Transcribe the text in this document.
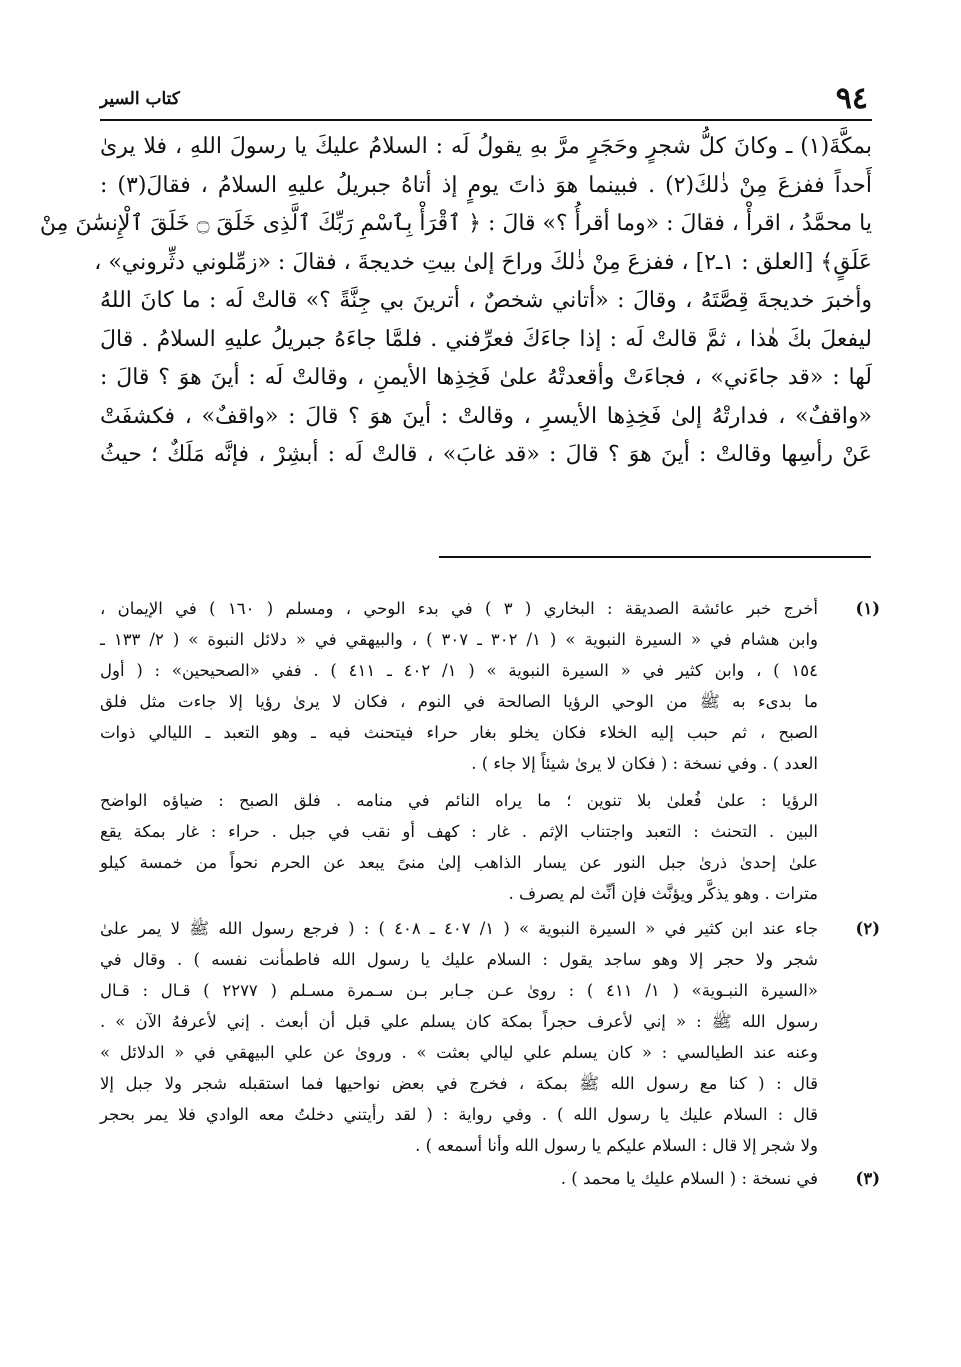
٩٤
كتاب السير
بمكَّةَ(١) ـ وكانَ كلُّ شجرٍ وحَجَرٍ مرَّ بهِ يقولُ لَه : السلامُ عليكَ يا رسولَ اللهِ ، فلا يرىٰ
أَحداً ففزعَ مِنْ ذٰلكَ(٢) . فبينما هوَ ذاتَ يومٍ إذ أتاهُ جبريلُ عليهِ السلامُ ، فقالَ(٣) :
يا محمَّدُ ، اقرأْ ، فقالَ : «وما أقرأُ ؟» قالَ : ﴿ ٱقْرَأْ بِٱسْمِ رَبِّكَ ٱلَّذِى خَلَقَ ۝ خَلَقَ ٱلْإِنسَٰنَ مِنْ
عَلَقٍ﴾ [العلق : ١ـ٢] ، ففزعَ مِنْ ذٰلكَ وراحَ إلىٰ بيتِ خديجةَ ، فقالَ : «زمِّلوني دثِّروني» ،
وأخبرَ خديجةَ قِصَّتَهُ ، وقالَ : «أتاني شخصٌ ، أترينَ بي جِنَّةً ؟» قالتْ لَه : ما كانَ اللهُ
ليفعلَ بكَ هٰذا ، ثمَّ قالتْ لَه : إذا جاءَكَ فعرِّفني . فلمَّا جاءَهُ جبريلُ عليهِ السلامُ . قالَ
لَها : «قد جاءَني» ، فجاءَتْ وأقعدتْهُ علىٰ فَخِذِها الأيمنِ ، وقالتْ لَه : أينَ هوَ ؟ قالَ :
«واقفٌ» ، فدارتْهُ إلىٰ فَخِذِها الأيسرِ ، وقالتْ : أينَ هوَ ؟ قالَ : «واقفٌ» ، فكشفَتْ
عَنْ رأسِها وقالتْ : أينَ هوَ ؟ قالَ : «قد غابَ» ، قالتْ لَه : أبشِرْ ، فإنَّه مَلَكٌ ؛ حيثُ
(١)
أخرج خبر عائشة الصديقة : البخاري ( ٣ ) في بدء الوحي ، ومسلم ( ١٦٠ ) في الإيمان ،
وابن هشام في « السيرة النبوية » ( ١/ ٣٠٢ ـ ٣٠٧ ) ، والبيهقي في « دلائل النبوة » ( ٢/ ١٣٣ ـ
١٥٤ ) ، وابن كثير في « السيرة النبوية » ( ١/ ٤٠٢ ـ ٤١١ ) . ففي «الصحيحين» : ( أول
ما بدىء به ﷺ من الوحي الرؤيا الصالحة في النوم ، فكان لا يرىٰ رؤيا إلا جاءت مثل فلق
الصبح ، ثم حبب إليه الخلاء فكان يخلو بغار حراء فيتحنث فيه ـ وهو التعبد ـ الليالي ذوات
العدد ) . وفي نسخة : ( فكان لا يرىٰ شيئاً إلا جاء ) .
الرؤيا : علىٰ فُعلىٰ بلا تنوين ؛ ما يراه النائم في منامه . فلق الصبح : ضياؤه الواضح
البين . التحنث : التعبد واجتناب الإثم . غار : كهف أو نقب في جبل . حراء : غار بمكة يقع
علىٰ إحدىٰ ذرىٰ جبل النور عن يسار الذاهب إلىٰ منىً يبعد عن الحرم نحواً من خمسة كيلو
مترات . وهو يذكَّر ويؤنَّث فإن أنِّث لم يصرف .
(٢)
جاء عند ابن كثير في « السيرة النبوية » ( ١/ ٤٠٧ ـ ٤٠٨ ) : ( فرجع رسول الله ﷺ لا يمر علىٰ
شجر ولا حجر إلا وهو ساجد يقول : السلام عليك يا رسول الله فاطمأنت نفسه ) . وقال في
«السيرة النبـوية» ( ١/ ٤١١ ) : روىٰ عـن جـابر بـن سـمرة مسـلم ( ٢٢٧٧ ) قـال : قـال
رسول الله ﷺ : « إني لأعرف حجراً بمكة كان يسلم علي قبل أن أبعث . إني لأعرفهُ الآن » .
وعنه عند الطيالسي : « كان يسلم علي ليالي بعثت » . وروىٰ عن علي البيهقي في « الدلائل »
قال : ( كنا مع رسول الله ﷺ بمكة ، فخرج في بعض نواحيها فما استقبله شجر ولا جبل إلا
قال : السلام عليك يا رسول الله ) . وفي رواية : ( لقد رأيتني دخلتُ معه الوادي فلا يمر بحجر
ولا شجر إلا قال : السلام عليكم يا رسول الله وأنا أسمعه ) .
(٣)
في نسخة : ( السلام عليك يا محمد ) .
